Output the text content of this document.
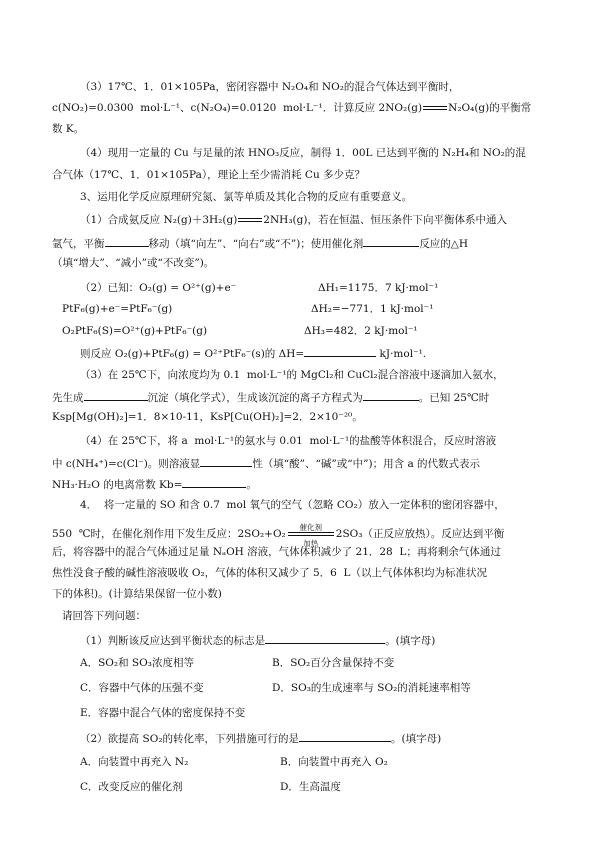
（3）17℃、1．01×105Pa，密闭容器中 N₂O₄和 NO₂的混合气体达到平衡时，
c(NO₂)=0.0300  mol·L⁻¹、c(N₂O₄)=0.0120  mol·L⁻¹．计算反应 2NO₂(g) N₂O₄(g)的平衡常
数 K。
（4）现用一定量的 Cu 与足量的浓 HNO₃反应，制得 1．00L 已达到平衡的 N₂H₄和 NO₂的混
合气体（17℃、1．01×105Pa），理论上至少需消耗 Cu 多少克？
3、运用化学反应原理研究氮、氯等单质及其化合物的反应有重要意义。
（1）合成氨反应 N₂(g)＋3H₂(g) 2NH₃(g)，若在恒温、恒压条件下向平衡体系中通入
氩气，平衡	移动（填“向左”、“向右”或“不”)；使用催化剂	反应的△H
（填“增大”、“减小”或“不改变”)。
（2）已知：O₂(g) = O²⁺(g)+e⁻	ΔH₁=1175．7 kJ·mol⁻¹
PtF₆(g)+e⁻=PtF₆⁻(g)	ΔH₂=−771．1 kJ·mol⁻¹
O₂PtF₆(S)=O²⁺(g)+PtF₆⁻(g)	ΔH₃=482．2 kJ·mol⁻¹
则反应 O₂(g)+PtF₆(g) = O²⁺PtF₆⁻(s)的 ΔH=	kJ·mol⁻¹.
（3）在 25℃下，向浓度均为 0.1  mol·L⁻¹的 MgCl₂和 CuCl₂混合溶液中逐滴加入氨水，
先生成	沉淀（填化学式），生成该沉淀的离子方程式为	。已知 25℃时
Ksp[Mg(OH)₂]=1．8×10-11，KsP[Cu(OH)₂]=2．2×10⁻²⁰。
（4）在 25℃下，将 a  mol·L⁻¹的氨水与 0.01  mol·L⁻¹的盐酸等体积混合，反应时溶液
中 c(NH₄⁺)=c(Cl⁻)。则溶液显	性（填“酸”、“碱”或“中”)；用含 a 的代数式表示
NH₃·H₂O 的电离常数 Kb=	。
4．  将一定量的 SO 和含 0.7  mol 氧气的空气（忽略 CO₂）放入一定体积的密闭容器中，
550  ℃时，在催化剂作用下发生反应：2SO₂+O₂
催化剂
加热
2SO₃（正反应放热）。反应达到平衡
后，将容器中的混合气体通过足量 NₐOH 溶液，气体体积减少了 21．28  L；再将剩余气体通过
焦性没食子酸的碱性溶液吸收 O₂，气体的体积又减少了 5．6  L（以上气体体积均为标准状况
下的体积)。(计算结果保留一位小数)
请回答下列问题：
（1）判断该反应达到平衡状态的标志是	。(填字母)
A．SO₂和 SO₃浓度相等	B．SO₂百分含量保持不变
C．容器中气体的压强不变	D．SO₃的生成速率与 SO₂的消耗速率相等
E．容器中混合气体的密度保持不变
（2）欲提高 SO₂的转化率，下列措施可行的是	。(填字母)
A．向装置中再充入 N₂	B．向装置中再充入 O₂
C．改变反应的催化剂	D．生高温度
